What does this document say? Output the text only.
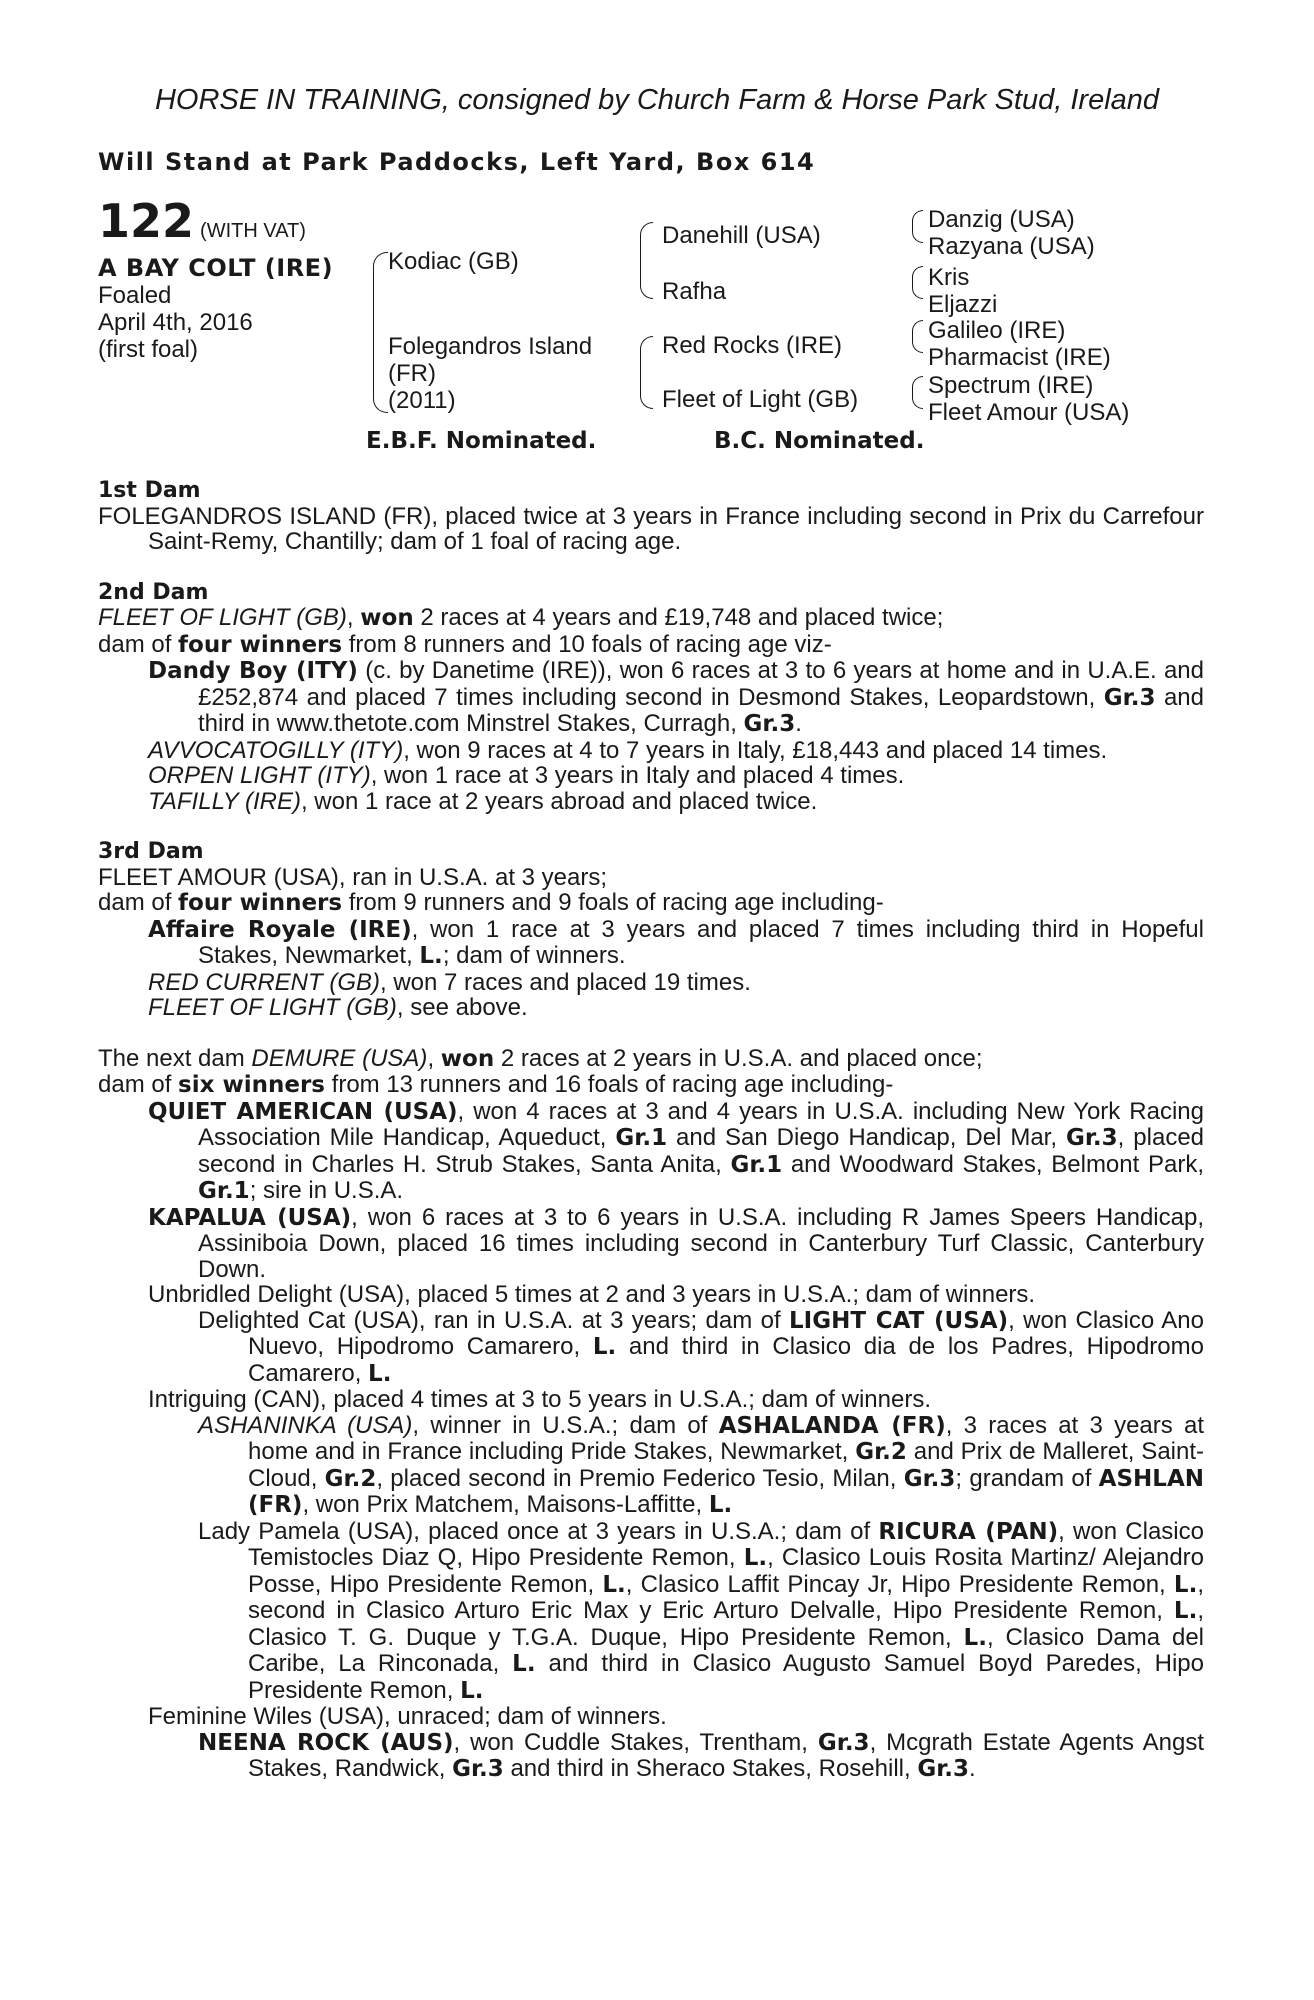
HORSE IN TRAINING, consigned by Church Farm & Horse Park Stud, Ireland
Will Stand at Park Paddocks, Left Yard, Box 614
122 (WITH VAT)
A BAY COLT (IRE)
Foaled
April 4th, 2016
(first foal)
Kodiac (GB)
Folegandros Island
(FR)
(2011)
Danehill (USA)
Rafha
Red Rocks (IRE)
Fleet of Light (GB)
Danzig (USA)
Razyana (USA)
Kris
Eljazzi
Galileo (IRE)
Pharmacist (IRE)
Spectrum (IRE)
Fleet Amour (USA)
E.B.F. Nominated.	B.C. Nominated.
1st Dam
FOLEGANDROS ISLAND (FR), placed twice at 3 years in France including second in Prix du Carrefour Saint-Remy, Chantilly; dam of 1 foal of racing age.
2nd Dam
FLEET OF LIGHT (GB), won 2 races at 4 years and £19,748 and placed twice;
dam of four winners from 8 runners and 10 foals of racing age viz-
Dandy Boy (ITY) (c. by Danetime (IRE)), won 6 races at 3 to 6 years at home and in U.A.E. and £252,874 and placed 7 times including second in Desmond Stakes, Leopardstown, Gr.3 and third in www.thetote.com Minstrel Stakes, Curragh, Gr.3.
AVVOCATOGILLY (ITY), won 9 races at 4 to 7 years in Italy, £18,443 and placed 14 times.
ORPEN LIGHT (ITY), won 1 race at 3 years in Italy and placed 4 times.
TAFILLY (IRE), won 1 race at 2 years abroad and placed twice.
3rd Dam
FLEET AMOUR (USA), ran in U.S.A. at 3 years;
dam of four winners from 9 runners and 9 foals of racing age including-
Affaire Royale (IRE), won 1 race at 3 years and placed 7 times including third in Hopeful Stakes, Newmarket, L.; dam of winners.
RED CURRENT (GB), won 7 races and placed 19 times.
FLEET OF LIGHT (GB), see above.
The next dam DEMURE (USA), won 2 races at 2 years in U.S.A. and placed once;
dam of six winners from 13 runners and 16 foals of racing age including-
QUIET AMERICAN (USA), won 4 races at 3 and 4 years in U.S.A. including New York Racing Association Mile Handicap, Aqueduct, Gr.1 and San Diego Handicap, Del Mar, Gr.3, placed second in Charles H. Strub Stakes, Santa Anita, Gr.1 and Woodward Stakes, Belmont Park, Gr.1; sire in U.S.A.
KAPALUA (USA), won 6 races at 3 to 6 years in U.S.A. including R James Speers Handicap, Assiniboia Down, placed 16 times including second in Canterbury Turf Classic, Canterbury Down.
Unbridled Delight (USA), placed 5 times at 2 and 3 years in U.S.A.; dam of winners.
Delighted Cat (USA), ran in U.S.A. at 3 years; dam of LIGHT CAT (USA), won Clasico Ano Nuevo, Hipodromo Camarero, L. and third in Clasico dia de los Padres, Hipodromo Camarero, L.
Intriguing (CAN), placed 4 times at 3 to 5 years in U.S.A.; dam of winners.
ASHANINKA (USA), winner in U.S.A.; dam of ASHALANDA (FR), 3 races at 3 years at home and in France including Pride Stakes, Newmarket, Gr.2 and Prix de Malleret, Saint-Cloud, Gr.2, placed second in Premio Federico Tesio, Milan, Gr.3; grandam of ASHLAN (FR), won Prix Matchem, Maisons-Laffitte, L.
Lady Pamela (USA), placed once at 3 years in U.S.A.; dam of RICURA (PAN), won Clasico Temistocles Diaz Q, Hipo Presidente Remon, L., Clasico Louis Rosita Martinz/ Alejandro Posse, Hipo Presidente Remon, L., Clasico Laffit Pincay Jr, Hipo Presidente Remon, L., second in Clasico Arturo Eric Max y Eric Arturo Delvalle, Hipo Presidente Remon, L., Clasico T. G. Duque y T.G.A. Duque, Hipo Presidente Remon, L., Clasico Dama del Caribe, La Rinconada, L. and third in Clasico Augusto Samuel Boyd Paredes, Hipo Presidente Remon, L.
Feminine Wiles (USA), unraced; dam of winners.
NEENA ROCK (AUS), won Cuddle Stakes, Trentham, Gr.3, Mcgrath Estate Agents Angst Stakes, Randwick, Gr.3 and third in Sheraco Stakes, Rosehill, Gr.3.
